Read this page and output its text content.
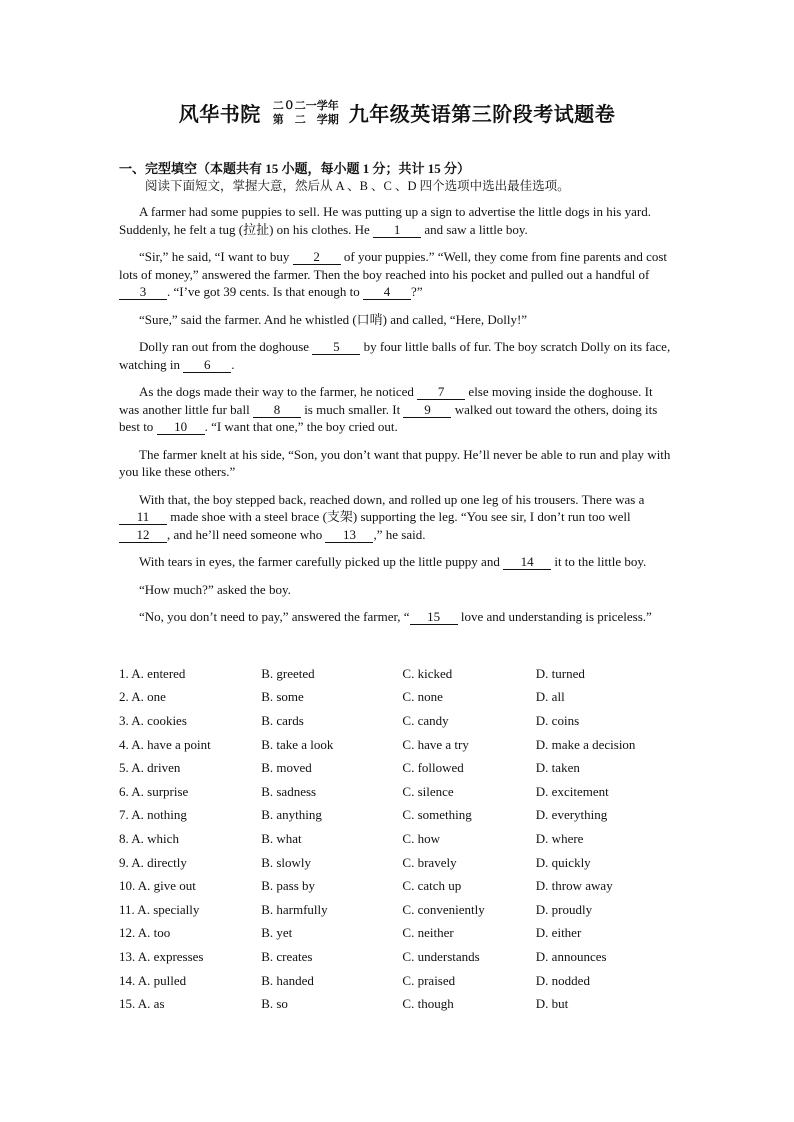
风华书院 二０二一学年
第　二　学期 九年级英语第三阶段考试题卷
一、完型填空（本题共有 15 小题，每小题 1 分；共计 15 分）
阅读下面短文，掌握大意，然后从 A 、B 、C 、D 四个选项中选出最佳选项。

A farmer had some puppies to sell. He was putting up a sign to advertise the little dogs in his yard. Suddenly, he felt a tug (拉扯) on his clothes. He 1 and saw a little boy.

“Sir,” he said, “I want to buy 2 of your puppies.” “Well, they come from fine parents and cost lots of money,” answered the farmer. Then the boy reached into his pocket and pulled out a handful of 3 . “I’ve got 39 cents. Is that enough to 4 ?”

“Sure,” said the farmer. And he whistled (口哨) and called, “Here, Dolly!”

Dolly ran out from the doghouse 5 by four little balls of fur. The boy scratch Dolly on its face, watching in 6 .

As the dogs made their way to the farmer, he noticed 7 else moving inside the doghouse. It was another little fur ball 8 is much smaller. It 9 walked out toward the others, doing its best to 10 . “I want that one,” the boy cried out.

The farmer knelt at his side, “Son, you don’t want that puppy. He’ll never be able to run and play with you like these others.”

With that, the boy stepped back, reached down, and rolled up one leg of his trousers. There was a 11 made shoe with a steel brace (支架) supporting the leg. “You see sir, I don’t run too well 12 , and he’ll need someone who 13 ,” he said.

With tears in eyes, the farmer carefully picked up the little puppy and 14 it to the little boy.

“How much?” asked the boy.

“No, you don’t need to pay,” answered the farmer, “ 15 love and understanding is priceless.”

1. A. entered	B. greeted	C. kicked	D. turned
2. A. one	B. some	C. none	D. all
3. A. cookies	B. cards	C. candy	D. coins
4. A. have a point	B. take a look	C. have a try	D. make a decision
5. A. driven	B. moved	C. followed	D. taken
6. A. surprise	B. sadness	C. silence	D. excitement
7. A. nothing	B. anything	C. something	D. everything
8. A. which	B. what	C. how	D. where
9. A. directly	B. slowly	C. bravely	D. quickly
10. A. give out	B. pass by	C. catch up	D. throw away
11. A. specially	B. harmfully	C. conveniently	D. proudly
12. A. too	B. yet	C. neither	D. either
13. A. expresses	B. creates	C. understands	D. announces
14. A. pulled	B. handed	C. praised	D. nodded
15. A. as	B. so	C. though	D. but
